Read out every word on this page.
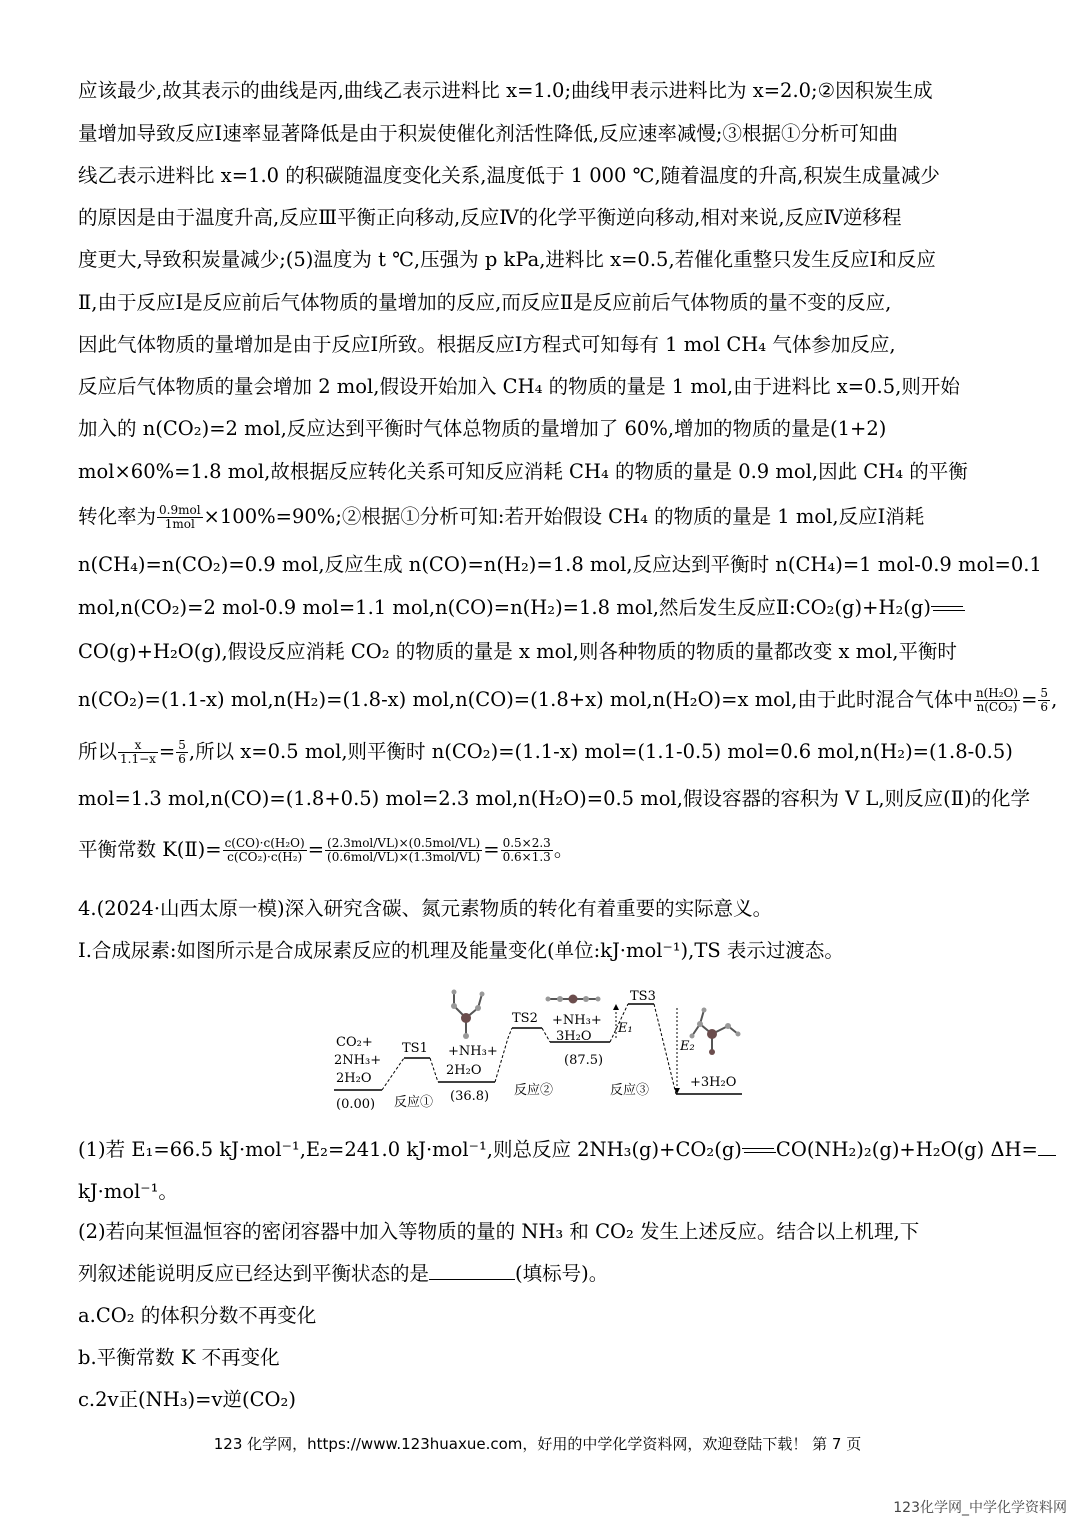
应该最少,故其表示的曲线是丙,曲线乙表示进料比 x=1.0;曲线甲表示进料比为 x=2.0;②因积炭生成
量增加导致反应Ⅰ速率显著降低是由于积炭使催化剂活性降低,反应速率减慢;③根据①分析可知曲
线乙表示进料比 x=1.0 的积碳随温度变化关系,温度低于 1 000 ℃,随着温度的升高,积炭生成量减少
的原因是由于温度升高,反应Ⅲ平衡正向移动,反应Ⅳ的化学平衡逆向移动,相对来说,反应Ⅳ逆移程
度更大,导致积炭量减少;(5)温度为 t ℃,压强为 p kPa,进料比 x=0.5,若催化重整只发生反应Ⅰ和反应
Ⅱ,由于反应Ⅰ是反应前后气体物质的量增加的反应,而反应Ⅱ是反应前后气体物质的量不变的反应,
因此气体物质的量增加是由于反应Ⅰ所致。根据反应Ⅰ方程式可知每有 1 mol CH₄ 气体参加反应,
反应后气体物质的量会增加 2 mol,假设开始加入 CH₄ 的物质的量是 1 mol,由于进料比 x=0.5,则开始
加入的 n(CO₂)=2 mol,反应达到平衡时气体总物质的量增加了 60%,增加的物质的量是(1+2)
mol×60%=1.8 mol,故根据反应转化关系可知反应消耗 CH₄ 的物质的量是 0.9 mol,因此 CH₄ 的平衡
转化率为 $\frac{\text{0.9mol}}{\text{1mol}}$ ×100%=90%;②根据①分析可知:若开始假设 CH₄ 的物质的量是 1 mol,反应Ⅰ消耗
n(CH₄)=n(CO₂)=0.9 mol,反应生成 n(CO)=n(H₂)=1.8 mol,反应达到平衡时 n(CH₄)=1 mol-0.9 mol=0.1
mol,n(CO₂)=2 mol-0.9 mol=1.1 mol,n(CO)=n(H₂)=1.8 mol,然后发生反应Ⅱ:CO₂(g)+H₂(g)
CO(g)+H₂O(g),假设反应消耗 CO₂ 的物质的量是 x mol,则各种物质的物质的量都改变 x mol,平衡时
n(CO₂)=(1.1-x) mol,n(H₂)=(1.8-x) mol,n(CO)=(1.8+x) mol,n(H₂O)=x mol,由于此时混合气体中 $\frac{\text{n(H₂O)}}{\text{n(CO₂)}} = \frac{5}{6}$ ,
所以 $\frac{x}{1.1-x} = \frac{5}{6}$ ,所以 x=0.5 mol,则平衡时 n(CO₂)=(1.1-x) mol=(1.1-0.5) mol=0.6 mol,n(H₂)=(1.8-0.5)
mol=1.3 mol,n(CO)=(1.8+0.5) mol=2.3 mol,n(H₂O)=0.5 mol,假设容器的容积为 V L,则反应(Ⅱ)的化学
平衡常数 K(Ⅱ)= $\frac{\text{c(CO)·c(H₂O)}}{\text{c(CO₂)·c(H₂)}} = \frac{\text{(2.3mol/VL)×(0.5mol/VL)}}{\text{(0.6mol/VL)×(1.3mol/VL)}} = \frac{0.5\times 2.3}{0.6\times 1.3}$ 。
4.(2024·山西太原一模)深入研究含碳、氮元素物质的转化有着重要的实际意义。
Ⅰ.合成尿素:如图所示是合成尿素反应的机理及能量变化(单位:kJ·mol⁻¹),TS 表示过渡态。
CO₂+
2NH₃+
2H₂O
(0.00)
TS1
反应①
+NH₃+
2H₂O
(36.8)
TS2 +NH₃+
3H₂O
(87.5)
反应②
TS3
E₁
反应③
E₂
+3H₂O
(1)若 E₁=66.5 kJ·mol⁻¹,E₂=241.0 kJ·mol⁻¹,则总反应 2NH₃(g)+CO₂(g) CO(NH₂)₂(g)+H₂O(g) ΔH=
kJ·mol⁻¹。
(2)若向某恒温恒容的密闭容器中加入等物质的量的 NH₃ 和 CO₂ 发生上述反应。结合以上机理,下
列叙述能说明反应已经达到平衡状态的是	(填标号)。
a.CO₂ 的体积分数不再变化
b.平衡常数 K 不再变化
c.2v正(NH₃)=v逆(CO₂)
123 化学网，https://www.123huaxue.com，好用的中学化学资料网，欢迎登陆下载！ 第 7 页
123化学网_中学化学资料网
